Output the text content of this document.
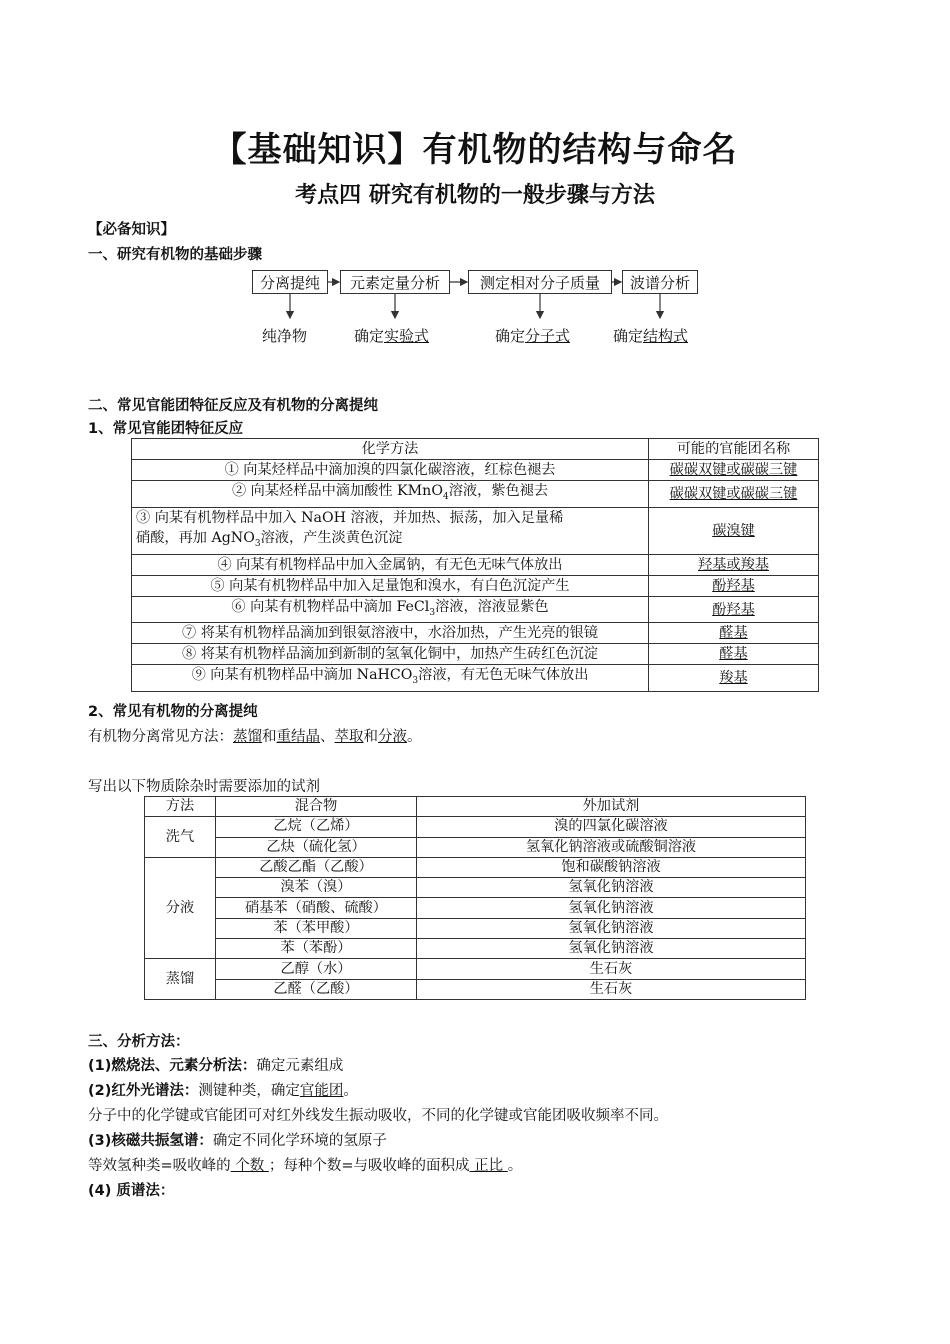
【基础知识】有机物的结构与命名
考点四 研究有机物的一般步骤与方法
【必备知识】
一、研究有机物的基础步骤
分离提纯	元素定量分析	测定相对分子质量	波谱分析
纯净物	确定实验式	确定分子式	确定结构式
二、常见官能团特征反应及有机物的分离提纯
1、常见官能团特征反应
化学方法	可能的官能团名称
① 向某烃样品中滴加溴的四氯化碳溶液，红棕色褪去	碳碳双键或碳碳三键
② 向某烃样品中滴加酸性 KMnO$_4$溶液，紫色褪去	碳碳双键或碳碳三键
③ 向某有机物样品中加入 NaOH 溶液，并加热、振荡，加入足量稀
硝酸，再加 AgNO$_3$溶液，产生淡黄色沉淀	碳溴键
④ 向某有机物样品中加入金属钠，有无色无味气体放出	羟基或羧基
⑤ 向某有机物样品中加入足量饱和溴水，有白色沉淀产生	酚羟基
⑥ 向某有机物样品中滴加 FeCl$_3$溶液，溶液显紫色	酚羟基
⑦ 将某有机物样品滴加到银氨溶液中，水浴加热，产生光亮的银镜	醛基
⑧ 将某有机物样品滴加到新制的氢氧化铜中，加热产生砖红色沉淀	醛基
⑨ 向某有机物样品中滴加 NaHCO$_3$溶液，有无色无味气体放出	羧基
2、常见有机物的分离提纯
有机物分离常见方法：蒸馏和重结晶、萃取和分液。
写出以下物质除杂时需要添加的试剂
方法	混合物	外加试剂
洗气	乙烷（乙烯）	溴的四氯化碳溶液
	乙炔（硫化氢）	氢氧化钠溶液或硫酸铜溶液
分液	乙酸乙酯（乙酸）	饱和碳酸钠溶液
	溴苯（溴）	氢氧化钠溶液
	硝基苯（硝酸、硫酸）	氢氧化钠溶液
	苯（苯甲酸）	氢氧化钠溶液
	苯（苯酚）	氢氧化钠溶液
蒸馏	乙醇（水）	生石灰
	乙醛（乙酸）	生石灰
三、分析方法：
(1)燃烧法、元素分析法：确定元素组成
(2)红外光谱法：测键种类，确定官能团。
分子中的化学键或官能团可对红外线发生振动吸收，不同的化学键或官能团吸收频率不同。
(3)核磁共振氢谱：确定不同化学环境的氢原子
等效氢种类=吸收峰的 个数 ；每种个数=与吸收峰的面积成 正比 。
(4) 质谱法：
